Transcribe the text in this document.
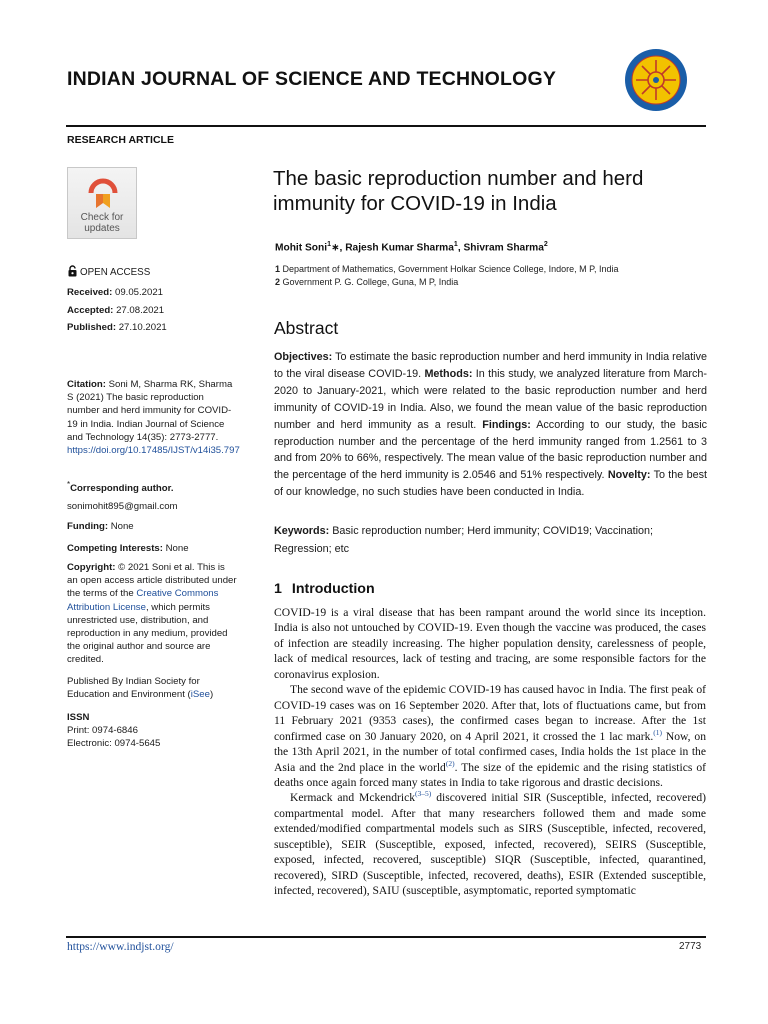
INDIAN JOURNAL OF SCIENCE AND TECHNOLOGY
RESEARCH ARTICLE
Check for
updates
OPEN ACCESS
Received: 09.05.2021
Accepted: 27.08.2021
Published: 27.10.2021
Citation: Soni M, Sharma RK, Sharma S (2021) The basic reproduction number and herd immunity for COVID-19 in India. Indian Journal of Science and Technology 14(35): 2773-2777. https://doi.org/10.17485/IJST/v14i35.797
*Corresponding author.
sonimohit895@gmail.com
Funding: None
Competing Interests: None
Copyright: © 2021 Soni et al. This is an open access article distributed under the terms of the Creative Commons Attribution License, which permits unrestricted use, distribution, and reproduction in any medium, provided the original author and source are credited.
Published By Indian Society for Education and Environment (iSee)
ISSN
Print: 0974-6846
Electronic: 0974-5645
The basic reproduction number and herd immunity for COVID-19 in India
Mohit Soni$^1$∗, Rajesh Kumar Sharma$^1$, Shivram Sharma$^2$
1 Department of Mathematics, Government Holkar Science College, Indore, M P, India
2 Government P. G. College, Guna, M P, India
Abstract
Objectives: To estimate the basic reproduction number and herd immunity in India relative to the viral disease COVID-19. Methods: In this study, we analyzed literature from March-2020 to January-2021, which were related to the basic reproduction number and herd immunity of COVID-19 in India. Also, we found the mean value of the basic reproduction number and herd immunity as a result. Findings: According to our study, the basic reproduction number and the percentage of the herd immunity ranged from 1.2561 to 3 and from 20% to 66%, respectively. The mean value of the basic reproduction number and the percentage of the herd immunity is 2.0546 and 51% respectively. Novelty: To the best of our knowledge, no such studies have been conducted in India.
Keywords: Basic reproduction number; Herd immunity; COVID19; Vaccination; Regression; etc
1 Introduction

COVID-19 is a viral disease that has been rampant around the world since its inception. India is also not untouched by COVID-19. Even though the vaccine was produced, the cases of infection are steadily increasing. The higher population density, carelessness of people, lack of medical resources, lack of testing and tracing, are some responsible factors for the coronavirus explosion.

The second wave of the epidemic COVID-19 has caused havoc in India. The first peak of COVID-19 cases was on 16 September 2020. After that, lots of fluctuations came, but from 11 February 2021 (9353 cases), the confirmed cases began to increase. After the 1st confirmed case on 30 January 2020, on 4 April 2021, it crossed the 1 lac mark.$^{(1)}$ Now, on the 13th April 2021, in the number of total confirmed cases, India holds the 1st place in the Asia and the 2nd place in the world$^{(2)}$. The size of the epidemic and the rising statistics of deaths once again forced many states in India to take rigorous and drastic decisions.

Kermack and Mckendrick$^{(3-5)}$ discovered initial SIR (Susceptible, infected, recovered) compartmental model. After that many researchers followed them and made some extended/modified compartmental models such as SIRS (Susceptible, infected, recovered, susceptible), SEIR (Susceptible, exposed, infected, recovered), SEIRS (Susceptible, exposed, infected, recovered, susceptible) SIQR (Susceptible, infected, quarantined, recovered), SIRD (Susceptible, infected, recovered, deaths), ESIR (Extended susceptible, infected, recovered), SAIU (susceptible, asymptomatic, reported symptomatic

https://www.indjst.org/	2773
